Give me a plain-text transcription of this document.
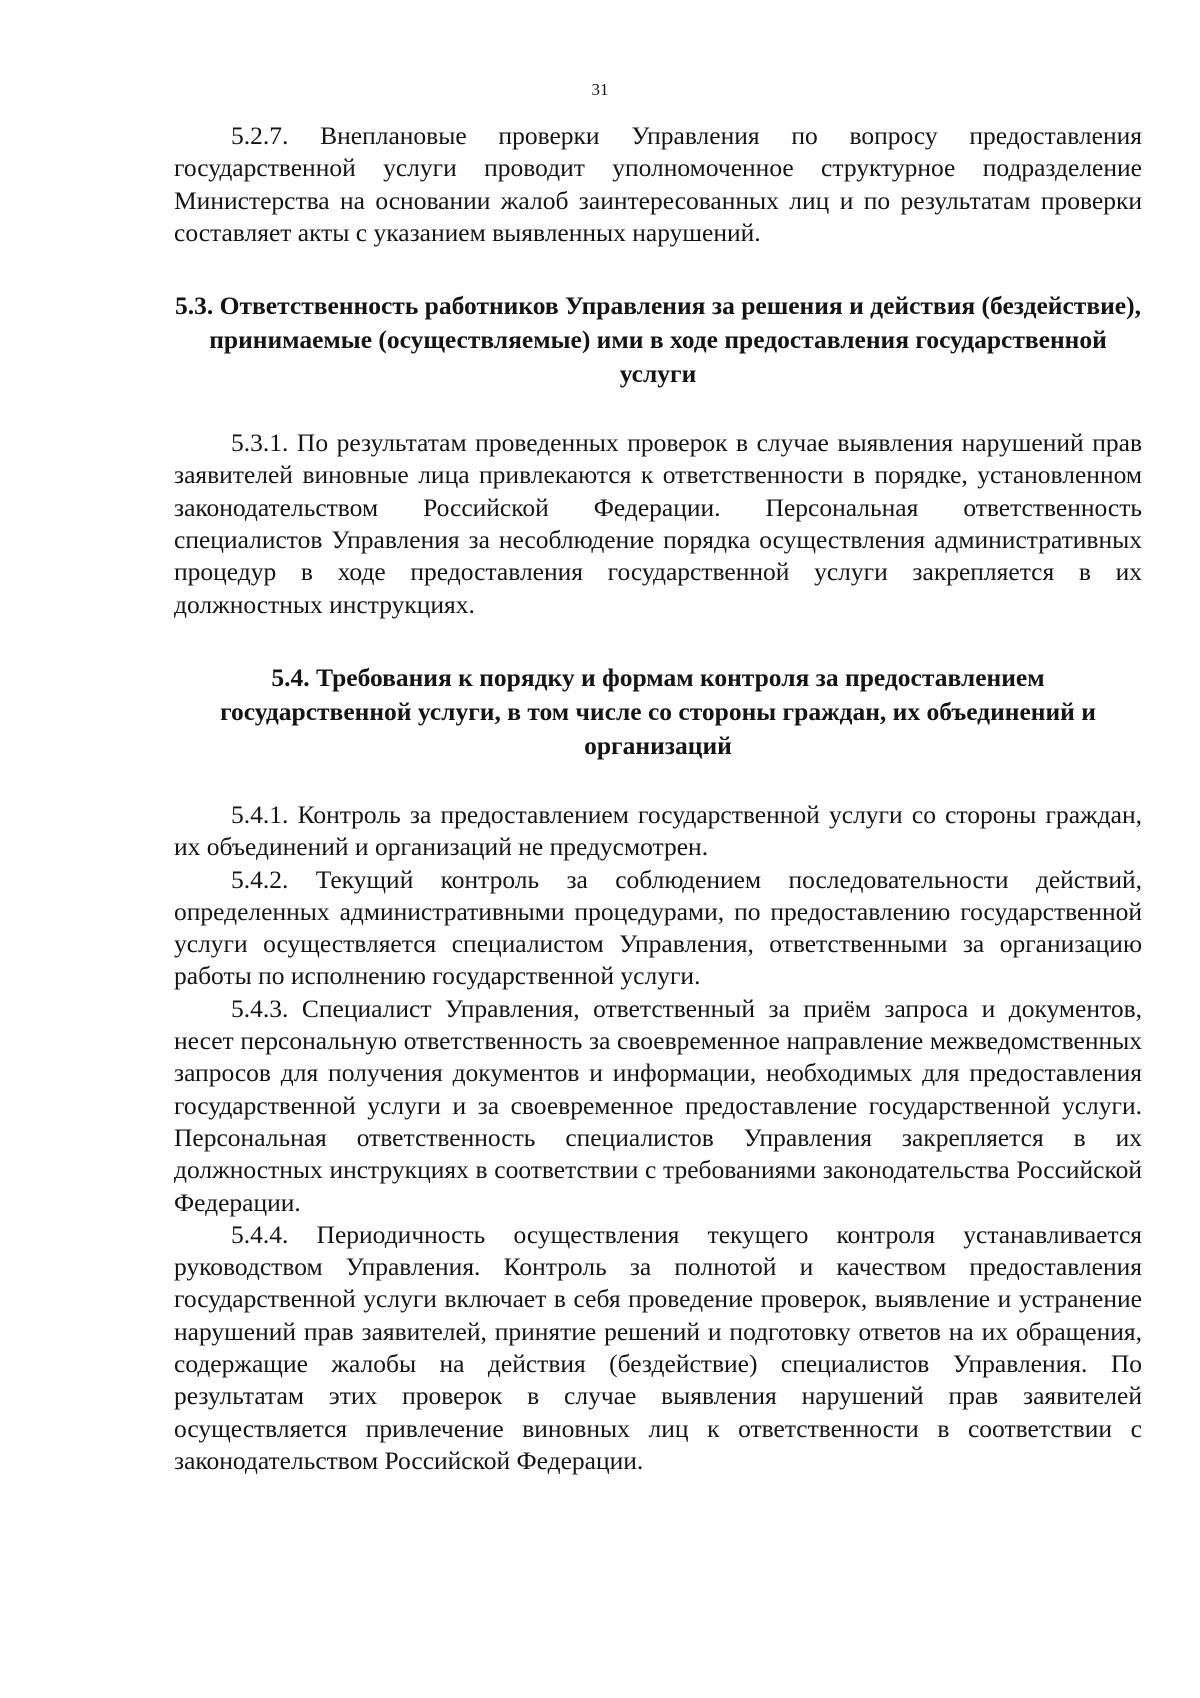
31

5.2.7. Внеплановые проверки Управления по вопросу предоставления государственной услуги проводит уполномоченное структурное подразделение Министерства на основании жалоб заинтересованных лиц и по результатам проверки составляет акты с указанием выявленных нарушений.

5.3. Ответственность работников Управления за решения и действия (бездействие), принимаемые (осуществляемые) ими в ходе предоставления государственной услуги

5.3.1. По результатам проведенных проверок в случае выявления нарушений прав заявителей виновные лица привлекаются к ответственности в порядке, установленном законодательством Российской Федерации. Персональная ответственность специалистов Управления за несоблюдение порядка осуществления административных процедур в ходе предоставления государственной услуги закрепляется в их должностных инструкциях.

5.4. Требования к порядку и формам контроля за предоставлением государственной услуги, в том числе со стороны граждан, их объединений и организаций

5.4.1. Контроль за предоставлением государственной услуги со стороны граждан, их объединений и организаций не предусмотрен.

5.4.2. Текущий контроль за соблюдением последовательности действий, определенных административными процедурами, по предоставлению государственной услуги осуществляется специалистом Управления, ответственными за организацию работы по исполнению государственной услуги.

5.4.3. Специалист Управления, ответственный за приём запроса и документов, несет персональную ответственность за своевременное направление межведомственных запросов для получения документов и информации, необходимых для предоставления государственной услуги и за своевременное предоставление государственной услуги. Персональная ответственность специалистов Управления закрепляется в их должностных инструкциях в соответствии с требованиями законодательства Российской Федерации.

5.4.4. Периодичность осуществления текущего контроля устанавливается руководством Управления. Контроль за полнотой и качеством предоставления государственной услуги включает в себя проведение проверок, выявление и устранение нарушений прав заявителей, принятие решений и подготовку ответов на их обращения, содержащие жалобы на действия (бездействие) специалистов Управления. По результатам этих проверок в случае выявления нарушений прав заявителей осуществляется привлечение виновных лиц к ответственности в соответствии с законодательством Российской Федерации.
